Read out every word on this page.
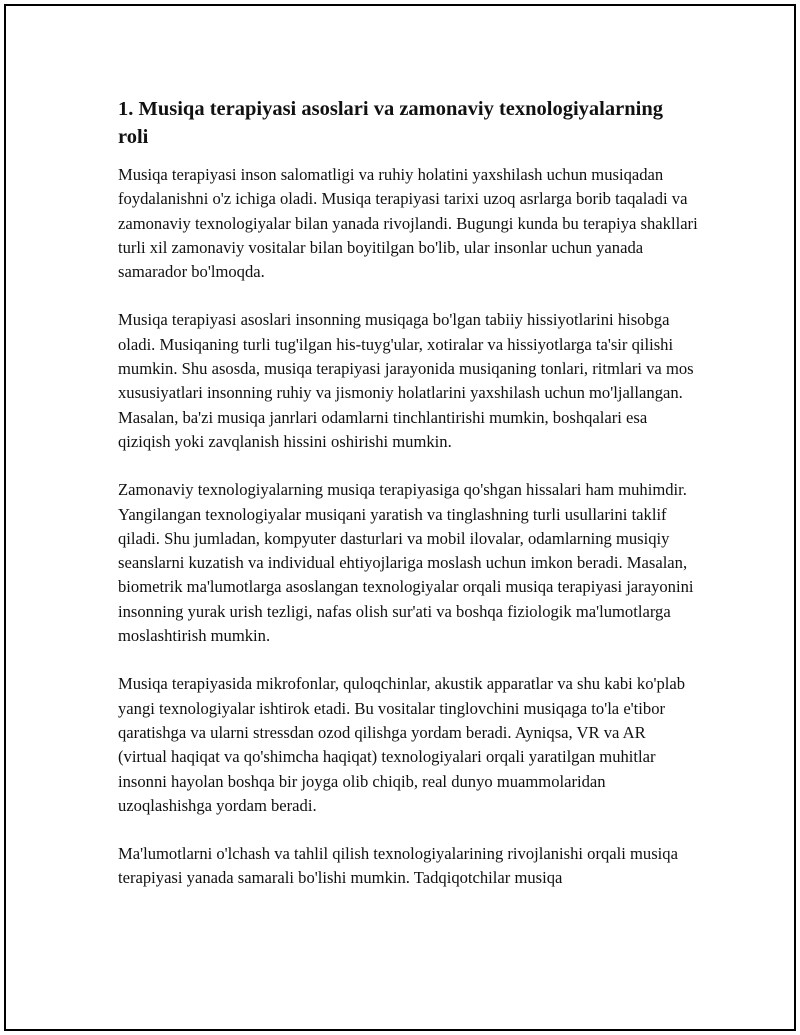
1. Musiqa terapiyasi asoslari va zamonaviy texnologiyalarning roli

Musiqa terapiyasi inson salomatligi va ruhiy holatini yaxshilash uchun musiqadan foydalanishni o'z ichiga oladi. Musiqa terapiyasi tarixi uzoq asrlarga borib taqaladi va zamonaviy texnologiyalar bilan yanada rivojlandi. Bugungi kunda bu terapiya shakllari turli xil zamonaviy vositalar bilan boyitilgan bo'lib, ular insonlar uchun yanada samarador bo'lmoqda.

Musiqa terapiyasi asoslari insonning musiqaga bo'lgan tabiiy hissiyotlarini hisobga oladi. Musiqaning turli tug'ilgan his-tuyg'ular, xotiralar va hissiyotlarga ta'sir qilishi mumkin. Shu asosda, musiqa terapiyasi jarayonida musiqaning tonlari, ritmlari va mos xususiyatlari insonning ruhiy va jismoniy holatlarini yaxshilash uchun mo'ljallangan. Masalan, ba'zi musiqa janrlari odamlarni tinchlantirishi mumkin, boshqalari esa qiziqish yoki zavqlanish hissini oshirishi mumkin.

Zamonaviy texnologiyalarning musiqa terapiyasiga qo'shgan hissalari ham muhimdir. Yangilangan texnologiyalar musiqani yaratish va tinglashning turli usullarini taklif qiladi. Shu jumladan, kompyuter dasturlari va mobil ilovalar, odamlarning musiqiy seanslarni kuzatish va individual ehtiyojlariga moslash uchun imkon beradi. Masalan, biometrik ma'lumotlarga asoslangan texnologiyalar orqali musiqa terapiyasi jarayonini insonning yurak urish tezligi, nafas olish sur'ati va boshqa fiziologik ma'lumotlarga moslashtirish mumkin.

Musiqa terapiyasida mikrofonlar, quloqchinlar, akustik apparatlar va shu kabi ko'plab yangi texnologiyalar ishtirok etadi. Bu vositalar tinglovchini musiqaga to'la e'tibor qaratishga va ularni stressdan ozod qilishga yordam beradi. Ayniqsa, VR va AR (virtual haqiqat va qo'shimcha haqiqat) texnologiyalari orqali yaratilgan muhitlar insonni hayolan boshqa bir joyga olib chiqib, real dunyo muammolaridan uzoqlashishga yordam beradi.

Ma'lumotlarni o'lchash va tahlil qilish texnologiyalarining rivojlanishi orqali musiqa terapiyasi yanada samarali bo'lishi mumkin. Tadqiqotchilar musiqa
